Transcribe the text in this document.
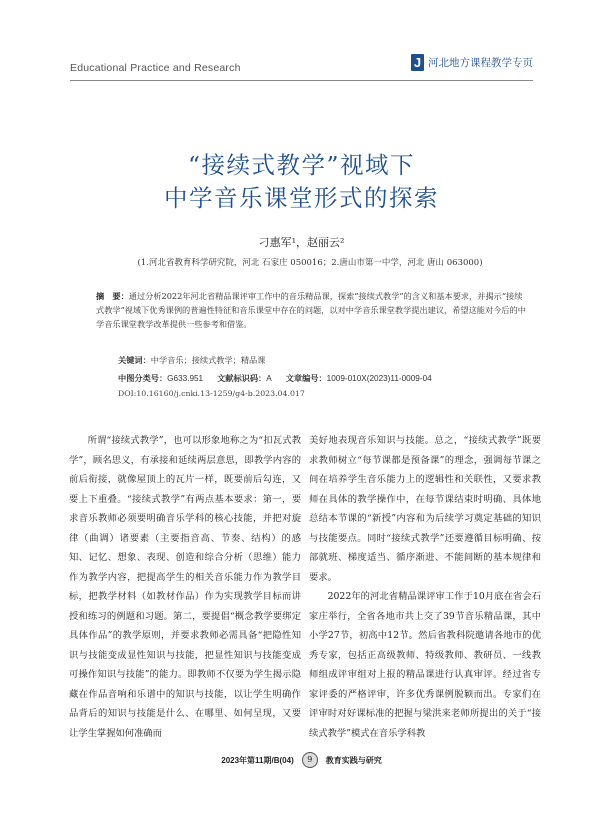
Educational Practice and Research	J 河北地方课程教学专页
“接续式教学”视域下
中学音乐课堂形式的探索
刁惠军¹，赵丽云²
(1.河北省教育科学研究院，河北 石家庄 050016；2.唐山市第一中学，河北 唐山 063000)
摘　要：通过分析2022年河北省精品课评审工作中的音乐精品课，探索“接续式教学”的含义和基本要求，并揭示“接续式教学”视域下优秀课例的普遍性特征和音乐课堂中存在的问题，以对中学音乐课堂教学提出建议，希望这能对今后的中学音乐课堂教学改革提供一些参考和借鉴。
关键词：中学音乐；接续式教学；精品课
中图分类号：G633.951 文献标识码：A 文章编号：1009-010X(2023)11-0009-04
DOI:10.16160/j.cnki.13-1259/g4-b.2023.04.017

所谓“接续式教学”，也可以形象地称之为“扣瓦式教学”，顾名思义，有承接和延续两层意思，即教学内容的前后衔接，就像屋顶上的瓦片一样，既要前后勾连，又要上下重叠。“接续式教学”有两点基本要求：第一，要求音乐教师必须要明确音乐学科的核心技能，并把对旋律（曲调）诸要素（主要指音高、节奏、结构）的感知、记忆、想象、表现、创造和综合分析（思维）能力作为教学内容，把提高学生的相关音乐能力作为教学目标，把教学材料（如教材作品）作为实现教学目标而讲授和练习的例题和习题。第二，要提倡“概念教学要绑定具体作品”的教学原则，并要求教师必需具备“把隐性知识与技能变成显性知识与技能，把显性知识与技能变成可操作知识与技能”的能力。即教师不仅要为学生揭示隐藏在作品音响和乐谱中的知识与技能，以让学生明确作品背后的知识与技能是什么、在哪里、如何呈现，又要让学生掌握如何准确而

美好地表现音乐知识与技能。总之，“接续式教学”既要求教师树立“每节课都是预备课”的理念，强调每节课之间在培养学生音乐能力上的逻辑性和关联性，又要求教师在具体的教学操作中，在每节课结束时明确、具体地总结本节课的“新授”内容和为后续学习奠定基础的知识与技能要点。同时“接续式教学”还要遵循目标明确、按部就班、梯度适当、循序渐进、不能间断的基本规律和要求。

2022年的河北省精品课评审工作于10月底在省会石家庄举行，全省各地市共上交了39节音乐精品课，其中小学27节，初高中12节。然后省教科院邀请各地市的优秀专家，包括正高级教师、特级教师、教研员、一线教师组成评审组对上报的精品课进行认真审评。经过省专家评委的严格评审，许多优秀课例脱颖而出。专家们在评审时对好课标准的把握与梁洪来老师所提出的关于“接续式教学”模式在音乐学科教

2023年第11期/B(04)	9	教育实践与研究
